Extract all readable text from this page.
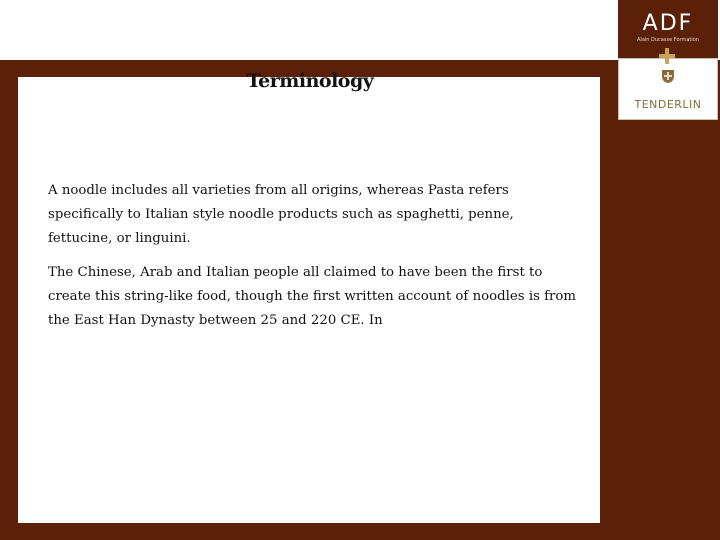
Terminology
A noodle includes all varieties from all origins, whereas Pasta refers specifically to Italian style noodle products such as spaghetti, penne, fettucine, or linguini.
The Chinese, Arab and Italian people all claimed to have been the first to create this string-like food, though the first written account of noodles is from the East Han Dynasty between 25 and 220 CE. In
ADF
Alain Ducasse Formation
TENDERLIN
